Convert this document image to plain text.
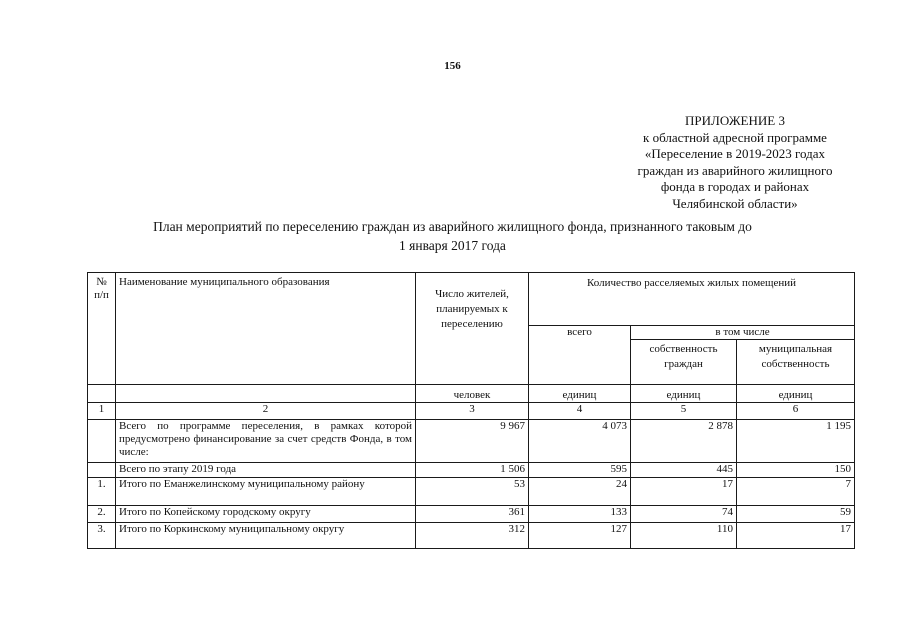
156
ПРИЛОЖЕНИЕ 3
к областной адресной программе
«Переселение в 2019-2023 годах
граждан из аварийного жилищного
фонда в городах и районах
Челябинской области»
План мероприятий по переселению граждан из аварийного жилищного фонда, признанного таковым до
1 января 2017 года
№ п/п	Наименование муниципального образования	Число жителей, планируемых к переселению	Количество расселяемых жилых помещений		
			всего	в том числе	
				собственность граждан	муниципальная собственность
		человек	единиц	единиц	единиц
1	2	3	4	5	6
	Всего по программе переселения, в рамках которой предусмотрено финансирование за счет средств Фонда, в том числе:	9 967	4 073	2 878	1 195
	Всего по этапу 2019 года	1 506	595	445	150
1.	Итого по Еманжелинскому муниципальному району	53	24	17	7
2.	Итого по Копейскому городскому округу	361	133	74	59
3.	Итого по Коркинскому муниципальному округу	312	127	110	17
